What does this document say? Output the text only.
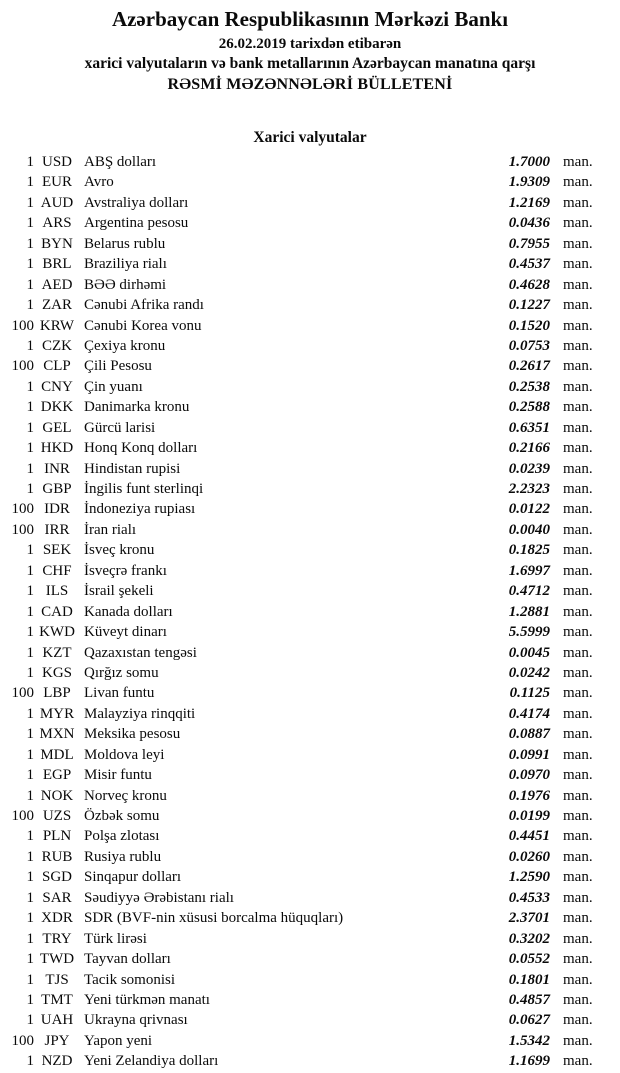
Azərbaycan Respublikasının Mərkəzi Bankı
26.02.2019 tarixdən etibarən
xarici valyutaların və bank metallarının Azərbaycan manatına qarşı
RƏSMİ MƏZƏNNƏLƏRİ BÜLLETENİ
Xarici valyutalar
1 USD ABŞ dolları	1.7000 man.
1 EUR Avro	1.9309 man.
1 AUD Avstraliya dolları	1.2169 man.
1 ARS Argentina pesosu	0.0436 man.
1 BYN Belarus rublu	0.7955 man.
1 BRL Braziliya rialı	0.4537 man.
1 AED BƏƏ dirhəmi	0.4628 man.
1 ZAR Cənubi Afrika randı	0.1227 man.
100 KRW Cənubi Korea vonu	0.1520 man.
1 CZK Çexiya kronu	0.0753 man.
100 CLP Çili Pesosu	0.2617 man.
1 CNY Çin yuanı	0.2538 man.
1 DKK Danimarka kronu	0.2588 man.
1 GEL Gürcü larisi	0.6351 man.
1 HKD Honq Konq dolları	0.2166 man.
1 INR Hindistan rupisi	0.0239 man.
1 GBP İngilis funt sterlinqi	2.2323 man.
100 IDR İndoneziya rupiası	0.0122 man.
100 IRR İran rialı	0.0040 man.
1 SEK İsveç kronu	0.1825 man.
1 CHF İsveçrə frankı	1.6997 man.
1 ILS	İsrail şekeli	0.4712 man.
1 CAD Kanada dolları	1.2881 man.
1 KWD Küveyt dinarı	5.5999 man.
1 KZT Qazaxıstan tengəsi	0.0045 man.
1 KGS Qırğız somu	0.0242 man.
100 LBP Livan funtu	0.1125 man.
1 MYR Malayziya rinqqiti	0.4174 man.
1 MXN Meksika pesosu	0.0887 man.
1 MDL Moldova leyi	0.0991 man.
1 EGP Misir funtu	0.0970 man.
1 NOK Norveç kronu	0.1976 man.
100 UZS Özbək somu	0.0199 man.
1 PLN Polşa zlotası	0.4451 man.
1 RUB Rusiya rublu	0.0260 man.
1 SGD Sinqapur dolları	1.2590 man.
1 SAR Səudiyyə Ərəbistanı rialı	0.4533 man.
1 XDR SDR (BVF-nin xüsusi borcalma hüquqları)	2.3701 man.
1 TRY Türk lirəsi	0.3202 man.
1 TWD Tayvan dolları	0.0552 man.
1 TJS	Tacik somonisi	0.1801 man.
1 TMT Yeni türkmən manatı	0.4857 man.
1 UAH Ukrayna qrivnası	0.0627 man.
100 JPY Yapon yeni	1.5342 man.
1 NZD Yeni Zelandiya dolları	1.1699 man.
